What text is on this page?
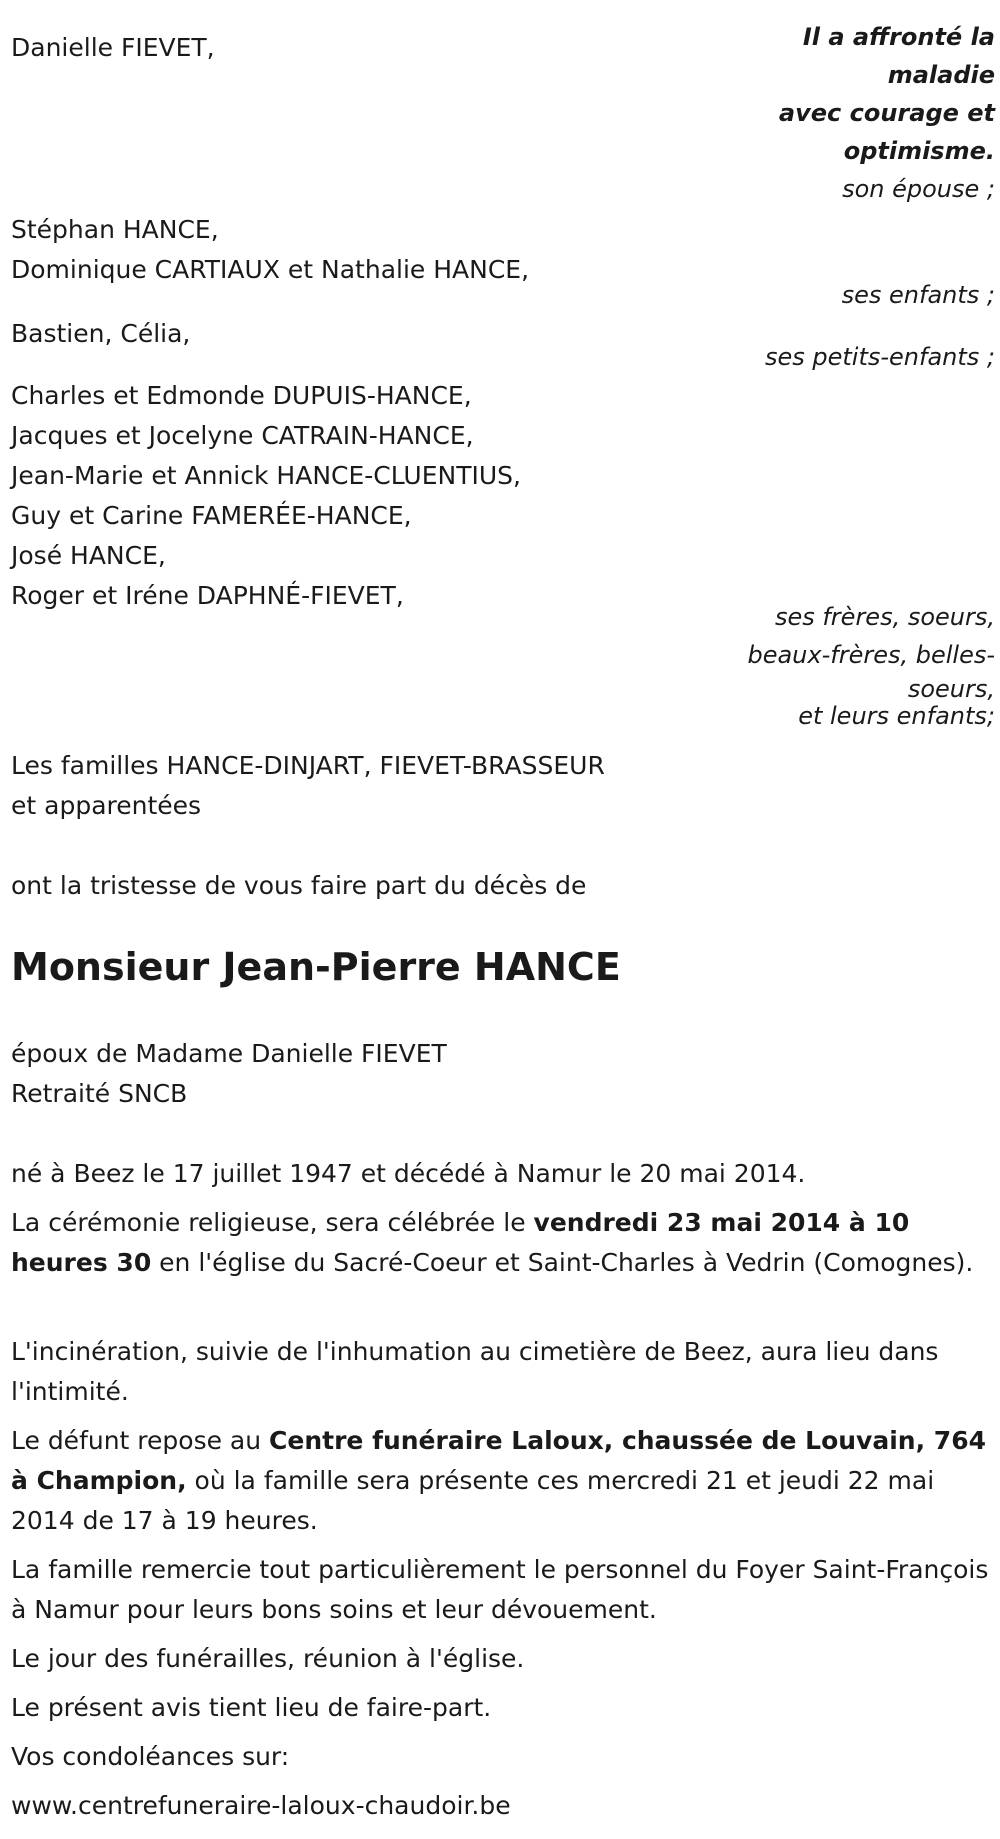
Danielle FIEVET,	Il a affronté la
maladie
avec courage et
optimisme.

son épouse ;

Stéphan HANCE,

Dominique CARTIAUX et Nathalie HANCE,

ses enfants ;

Bastien, Célia,

ses petits-enfants ;

Charles et Edmonde DUPUIS-HANCE,

Jacques et Jocelyne CATRAIN-HANCE,

Jean-Marie et Annick HANCE-CLUENTIUS,

Guy et Carine FAMERÉE-HANCE,

José HANCE,

Roger et Iréne DAPHNÉ-FIEVET,

ses frères, soeurs,
beaux-frères, belles-
soeurs,
et leurs enfants;

Les familles HANCE-DINJART, FIEVET-BRASSEUR

et apparentées

ont la tristesse de vous faire part du décès de

Monsieur Jean-Pierre HANCE

époux de Madame Danielle FIEVET

Retraité SNCB

né à Beez le 17 juillet 1947 et décédé à Namur le 20 mai 2014.

La cérémonie religieuse, sera célébrée le vendredi 23 mai 2014 à 10 heures 30 en l'église du Sacré-Coeur et Saint-Charles à Vedrin (Comognes).

L'incinération, suivie de l'inhumation au cimetière de Beez, aura lieu dans l'intimité.

Le défunt repose au Centre funéraire Laloux, chaussée de Louvain, 764 à Champion, où la famille sera présente ces mercredi 21 et jeudi 22 mai 2014 de 17 à 19 heures.

La famille remercie tout particulièrement le personnel du Foyer Saint-François à Namur pour leurs bons soins et leur dévouement.

Le jour des funérailles, réunion à l'église.

Le présent avis tient lieu de faire-part.

Vos condoléances sur:

www.centrefuneraire-laloux-chaudoir.be
